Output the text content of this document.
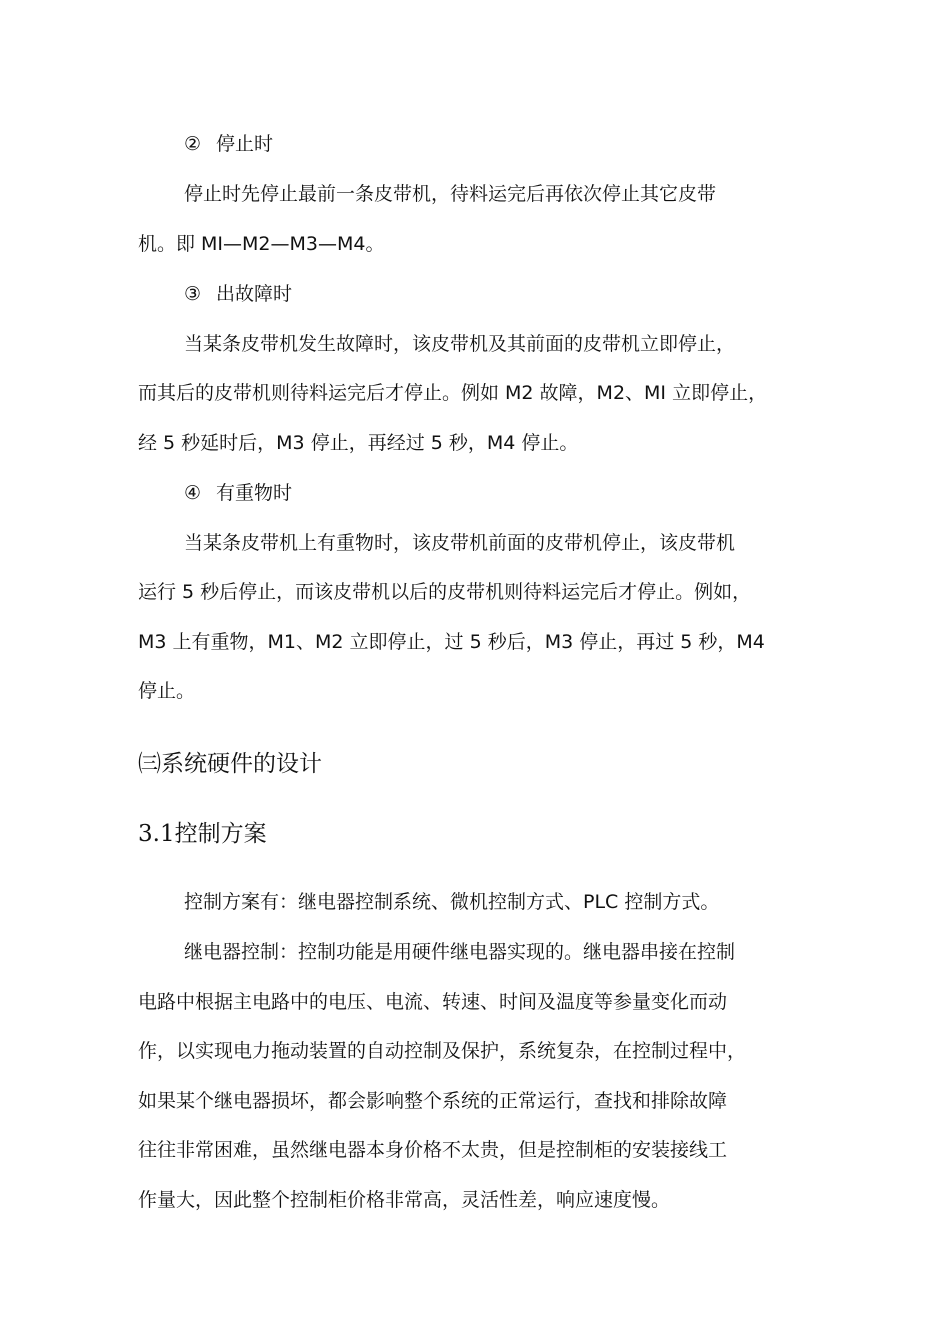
② 停止时
停止时先停止最前一条皮带机，待料运完后再依次停止其它皮带
机。即 MI—M2—M3—M4。
③ 出故障时
当某条皮带机发生故障时，该皮带机及其前面的皮带机立即停止，
而其后的皮带机则待料运完后才停止。例如 M2 故障，M2、MI 立即停止，
经 5 秒延时后，M3 停止，再经过 5 秒，M4 停止。
④ 有重物时
当某条皮带机上有重物时，该皮带机前面的皮带机停止，该皮带机
运行 5 秒后停止，而该皮带机以后的皮带机则待料运完后才停止。例如，
M3 上有重物，M1、M2 立即停止，过 5 秒后，M3 停止，再过 5 秒，M4
停止。
㈢系统硬件的设计
3.1控制方案
控制方案有：继电器控制系统、微机控制方式、PLC 控制方式。
继电器控制：控制功能是用硬件继电器实现的。继电器串接在控制
电路中根据主电路中的电压、电流、转速、时间及温度等参量变化而动
作，以实现电力拖动装置的自动控制及保护，系统复杂，在控制过程中，
如果某个继电器损坏，都会影响整个系统的正常运行，查找和排除故障
往往非常困难，虽然继电器本身价格不太贵，但是控制柜的安装接线工
作量大，因此整个控制柜价格非常高，灵活性差，响应速度慢。
